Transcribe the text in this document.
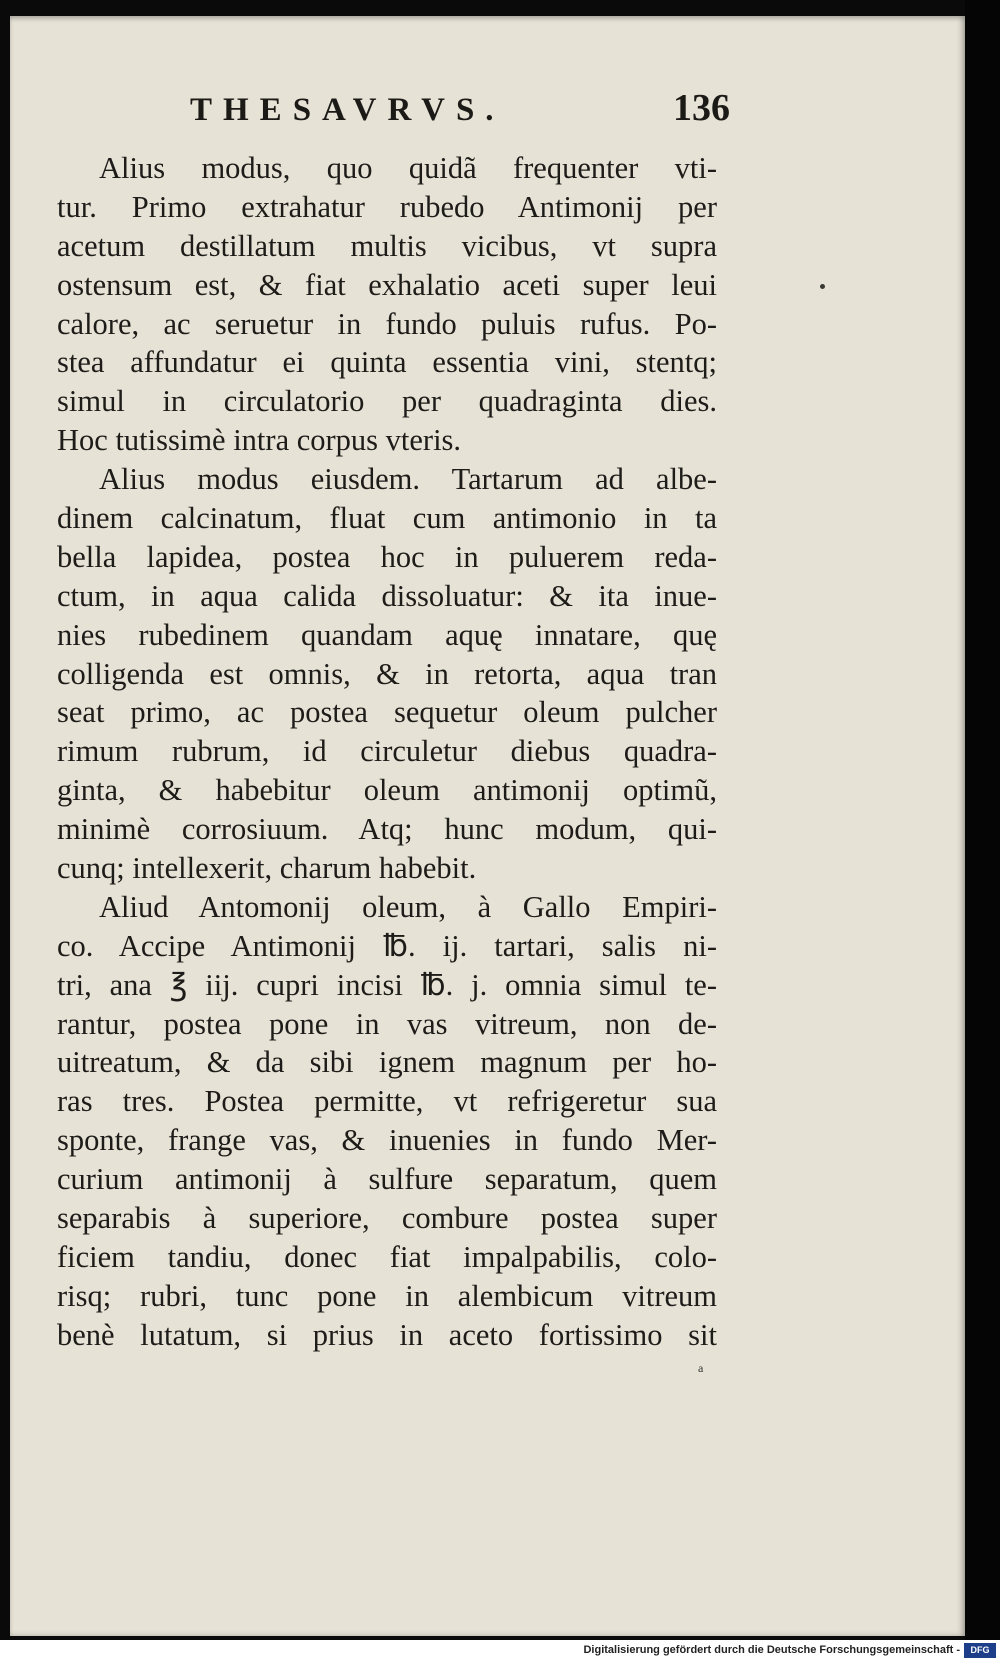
THESAVRVS.	136
Alius modus, quo quidã frequenter vti-
tur. Primo extrahatur rubedo Antimonij per
acetum destillatum multis vicibus, vt supra
ostensum est, & fiat exhalatio aceti super leui
calore, ac seruetur in fundo puluis rufus. Po-
stea affundatur ei quinta essentia vini, stentq;
simul in circulatorio per quadraginta dies.
Hoc tutissimè intra corpus vteris.
Alius modus eiusdem. Tartarum ad albe-
dinem calcinatum, fluat cum antimonio in ta
bella lapidea, postea hoc in puluerem reda-
ctum, in aqua calida dissoluatur: & ita inue-
nies rubedinem quandam aquę innatare, quę
colligenda est omnis, & in retorta, aqua tran
seat primo, ac postea sequetur oleum pulcher
rimum rubrum, id circuletur diebus quadra-
ginta, & habebitur oleum antimonij optimũ,
minimè corrosiuum. Atq; hunc modum, qui-
cunq; intellexerit, charum habebit.
Aliud Antomonij oleum, à Gallo Empiri-
co. Accipe Antimonij ℔. ij. tartari, salis ni-
tri, ana ℥ iij. cupri incisi ℔. j. omnia simul te-
rantur, postea pone in vas vitreum, non de-
uitreatum, & da sibi ignem magnum per ho-
ras tres. Postea permitte, vt refrigeretur sua
sponte, frange vas, & inuenies in fundo Mer-
curium antimonij à sulfure separatum, quem
separabis à superiore, combure postea super
ficiem tandiu, donec fiat impalpabilis, colo-
risq; rubri, tunc pone in alembicum vitreum
benè lutatum, si prius in aceto fortissimo sit
a
Digitalisierung gefördert durch die Deutsche Forschungsgemeinschaft -	DFG
